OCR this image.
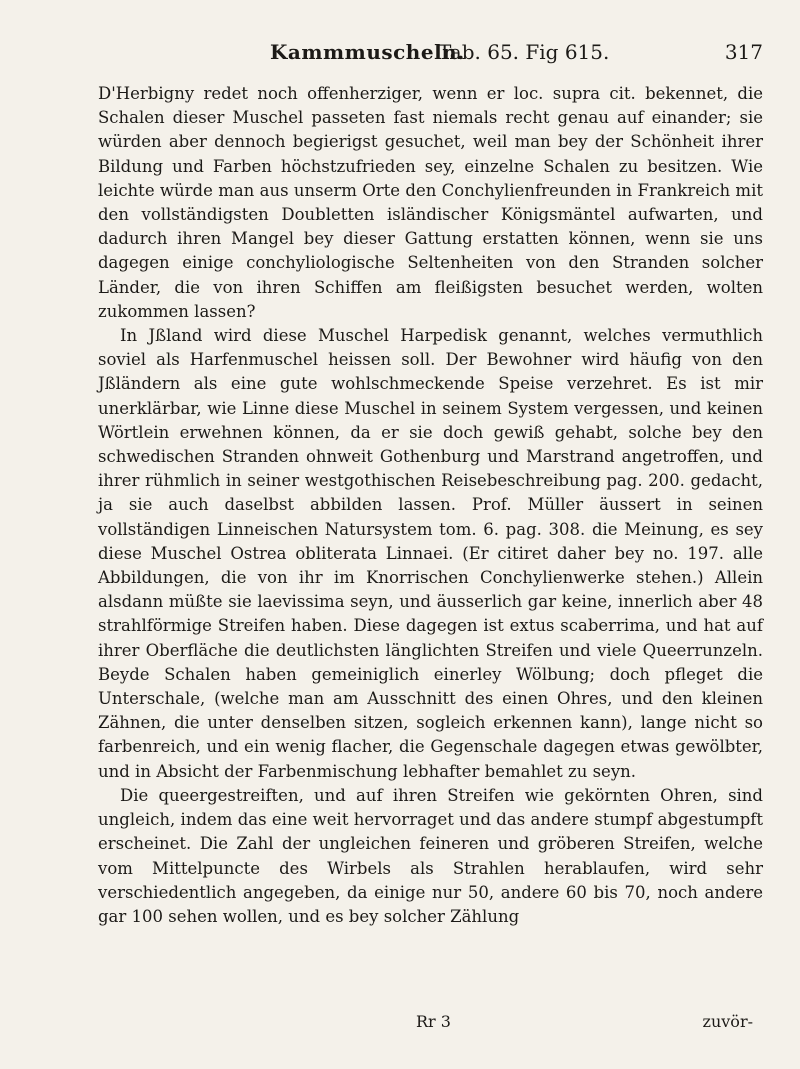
Kammmuscheln.
Tab. 65. Fig 615.	317

D'Herbigny redet noch offenherziger, wenn er loc. supra cit. bekennet, die Schalen dieser Muschel passeten fast niemals recht genau auf einander; sie würden aber dennoch begierigst gesuchet, weil man bey der Schönheit ihrer Bildung und Farben höchstzufrieden sey, einzelne Schalen zu besitzen. Wie leichte würde man aus unserm Orte den Conchylienfreunden in Frankreich mit den vollständigsten Doubletten isländischer Königsmäntel aufwarten, und dadurch ihren Mangel bey dieser Gattung erstatten können, wenn sie uns dagegen einige conchyliologische Seltenheiten von den Stranden solcher Länder, die von ihren Schiffen am fleißigsten besuchet werden, wolten zukommen lassen?

In Jßland wird diese Muschel Harpedisk genannt, welches vermuthlich soviel als Harfenmuschel heissen soll. Der Bewohner wird häufig von den Jßländern als eine gute wohlschmeckende Speise verzehret. Es ist mir unerklärbar, wie Linne diese Muschel in seinem System vergessen, und keinen Wörtlein erwehnen können, da er sie doch gewiß gehabt, solche bey den schwedischen Stranden ohnweit Gothenburg und Marstrand angetroffen, und ihrer rühmlich in seiner westgothischen Reisebeschreibung pag. 200. gedacht, ja sie auch daselbst abbilden lassen. Prof. Müller äussert in seinen vollständigen Linneischen Natursystem tom. 6. pag. 308. die Meinung, es sey diese Muschel Ostrea obliterata Linnaei. (Er citiret daher bey no. 197. alle Abbildungen, die von ihr im Knorrischen Conchylienwerke stehen.) Allein alsdann müßte sie laevissima seyn, und äusserlich gar keine, innerlich aber 48 strahlförmige Streifen haben. Diese dagegen ist extus scaberrima, und hat auf ihrer Oberfläche die deutlichsten länglichten Streifen und viele Queerrunzeln. Beyde Schalen haben gemeiniglich einerley Wölbung; doch pfleget die Unterschale, (welche man am Ausschnitt des einen Ohres, und den kleinen Zähnen, die unter denselben sitzen, sogleich erkennen kann), lange nicht so farbenreich, und ein wenig flacher, die Gegenschale dagegen etwas gewölbter, und in Absicht der Farbenmischung lebhafter bemahlet zu seyn.

Die queergestreiften, und auf ihren Streifen wie gekörnten Ohren, sind ungleich, indem das eine weit hervorraget und das andere stumpf abgestumpft erscheinet. Die Zahl der ungleichen feineren und gröberen Streifen, welche vom Mittelpuncte des Wirbels als Strahlen herablaufen, wird sehr verschiedentlich angegeben, da einige nur 50, andere 60 bis 70, noch andere gar 100 sehen wollen, und es bey solcher Zählung

Rr 3	zuvör-
